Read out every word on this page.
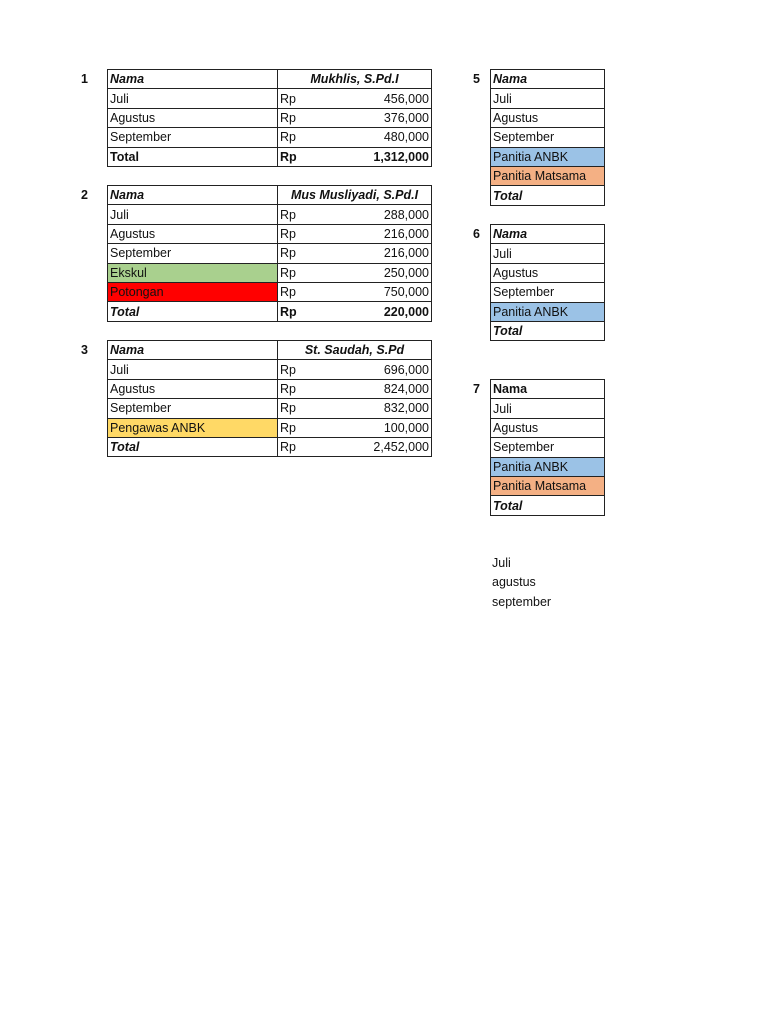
1 Nama	Mukhlis, S.Pd.I
Juli	Rp 456,000

Agustus	Rp 376,000

September	Rp 480,000

Total	Rp 1,312,000
2 Nama	Mus Musliyadi, S.Pd.I
Juli	Rp 288,000

Agustus	Rp 216,000

September	Rp 216,000

Ekskul	Rp 250,000

Potongan	Rp 750,000

Total	Rp 220,000
3 Nama	St. Saudah, S.Pd
Juli	Rp 696,000

Agustus	Rp 824,000

September	Rp 832,000

Pengawas ANBK	Rp 100,000

Total	Rp 2,452,000
5 Nama
Juli
Agustus
September
Panitia ANBK
Panitia Matsama
Total
6 Nama
Juli
Agustus
September
Panitia ANBK
Total
7 Nama
Juli
Agustus
September
Panitia ANBK
Panitia Matsama
Total
Juli
agustus
september
